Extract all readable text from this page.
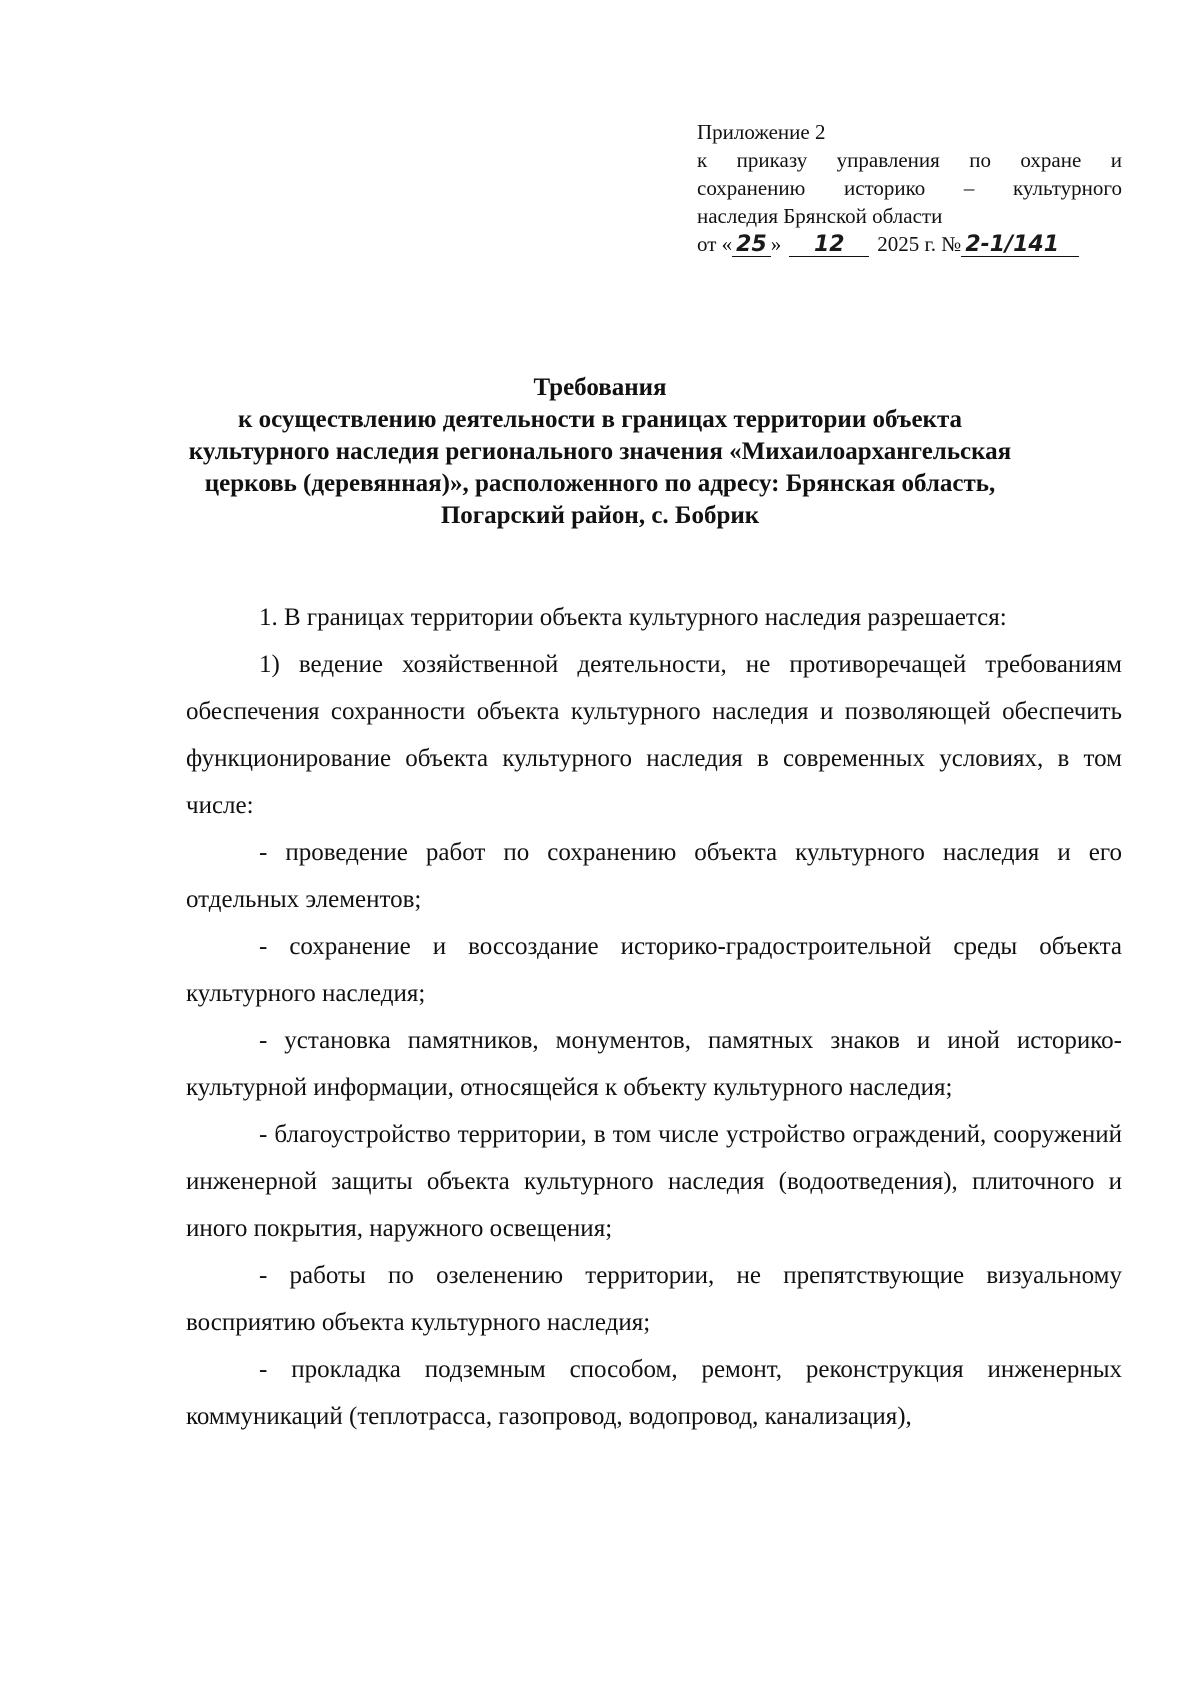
Приложение 2
к приказу управления по охране и
сохранению историко – культурного
наследия Брянской области
от « 25 »	12	2025 г. № 2-1/141
Требования
к осуществлению деятельности в границах территории объекта
культурного наследия регионального значения «Михаилоархангельская
церковь (деревянная)», расположенного по адресу: Брянская область,
Погарский район, с. Бобрик

1. В границах территории объекта культурного наследия разрешается:

1) ведение хозяйственной деятельности, не противоречащей требованиям обеспечения сохранности объекта культурного наследия и позволяющей обеспечить функционирование объекта культурного наследия в современных условиях, в том числе:

- проведение работ по сохранению объекта культурного наследия и его отдельных элементов;

- сохранение и воссоздание историко-градостроительной среды объекта культурного наследия;

- установка памятников, монументов, памятных знаков и иной историко-культурной информации, относящейся к объекту культурного наследия;

- благоустройство территории, в том числе устройство ограждений, сооружений инженерной защиты объекта культурного наследия (водоотведения), плиточного и иного покрытия, наружного освещения;

- работы по озеленению территории, не препятствующие визуальному восприятию объекта культурного наследия;

- прокладка подземным способом, ремонт, реконструкция инженерных коммуникаций (теплотрасса, газопровод, водопровод, канализация),
